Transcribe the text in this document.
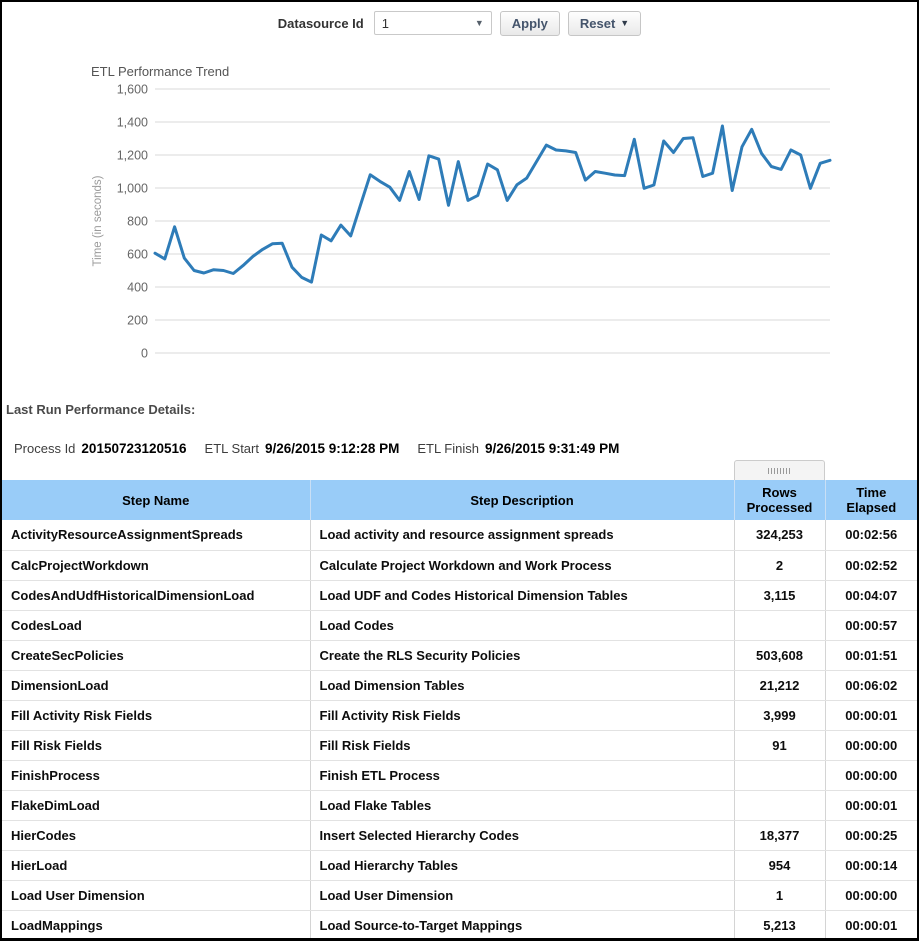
Datasource Id 1	▼ Apply Reset ▼
0
200
400
600
800
1,000
1,200
1,400
1,600
Time (in seconds)
ETL Performance Trend
Last Run Performance Details:
Process Id 20150723120516 ETL Start 9/26/2015 9:12:28 PM ETL Finish 9/26/2015 9:31:49 PM
Step Name	Step Description	Rows Processed	Time Elapsed
ActivityResourceAssignmentSpreads	Load activity and resource assignment spreads	324,253	00:02:56
CalcProjectWorkdown	Calculate Project Workdown and Work Process	2	00:02:52
CodesAndUdfHistoricalDimensionLoad	Load UDF and Codes Historical Dimension Tables	3,115	00:04:07
CodesLoad	Load Codes		00:00:57
CreateSecPolicies	Create the RLS Security Policies	503,608	00:01:51
DimensionLoad	Load Dimension Tables	21,212	00:06:02
Fill Activity Risk Fields	Fill Activity Risk Fields	3,999	00:00:01
Fill Risk Fields	Fill Risk Fields	91	00:00:00
FinishProcess	Finish ETL Process		00:00:00
FlakeDimLoad	Load Flake Tables		00:00:01
HierCodes	Insert Selected Hierarchy Codes	18,377	00:00:25
HierLoad	Load Hierarchy Tables	954	00:00:14
Load User Dimension	Load User Dimension	1	00:00:00
LoadMappings	Load Source-to-Target Mappings	5,213	00:00:01
